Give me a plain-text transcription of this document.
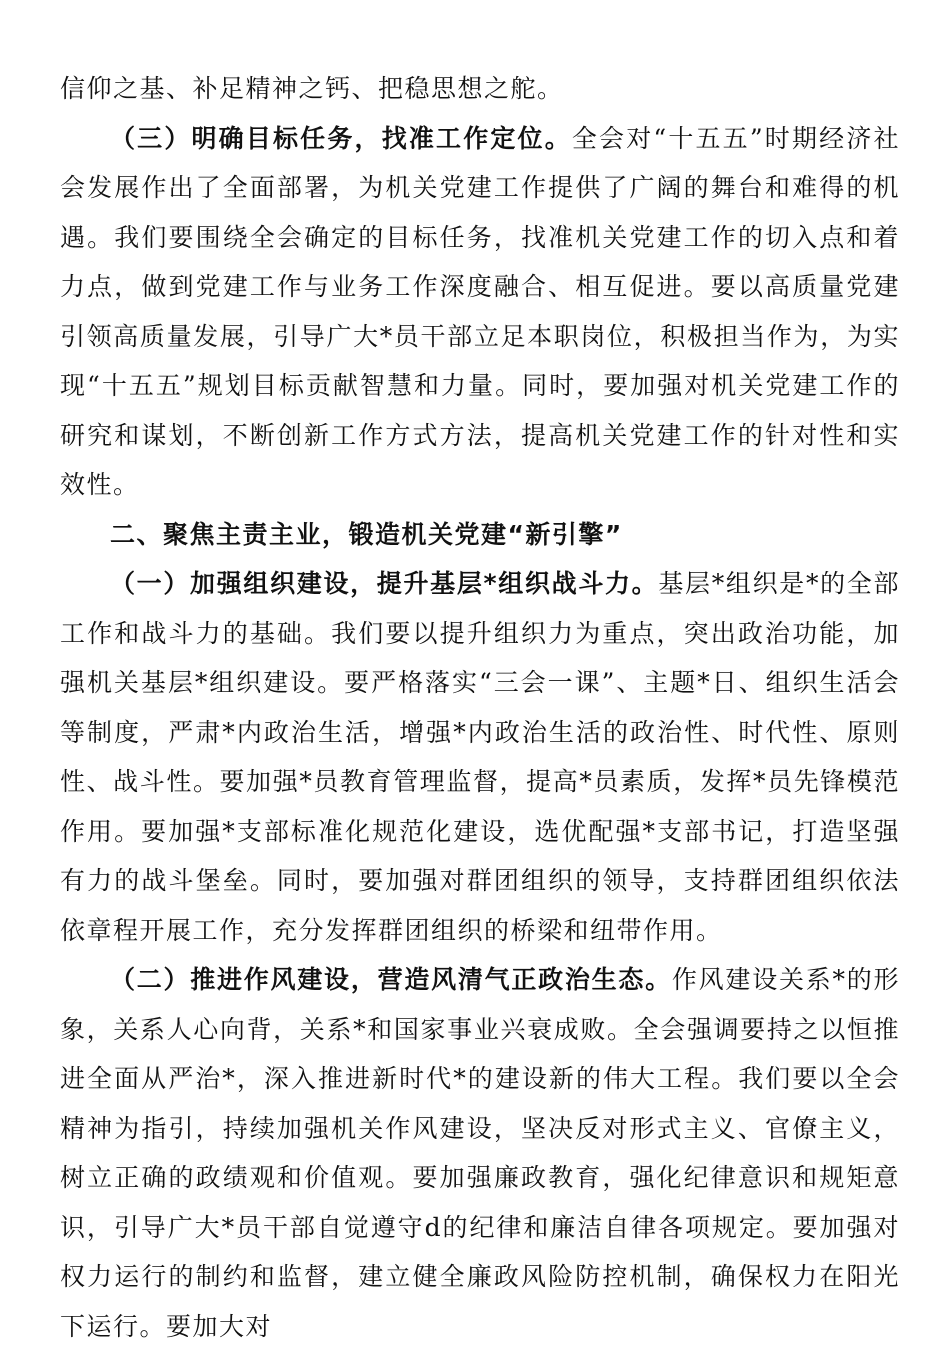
信仰之基、补足精神之钙、把稳思想之舵。

（三）明确目标任务，找准工作定位。全会对“十五五”时期经济社会发展作出了全面部署，为机关党建工作提供了广阔的舞台和难得的机遇。我们要围绕全会确定的目标任务，找准机关党建工作的切入点和着力点，做到党建工作与业务工作深度融合、相互促进。要以高质量党建引领高质量发展，引导广大*员干部立足本职岗位，积极担当作为，为实现“十五五”规划目标贡献智慧和力量。同时，要加强对机关党建工作的研究和谋划，不断创新工作方式方法，提高机关党建工作的针对性和实效性。

二、聚焦主责主业，锻造机关党建“新引擎”

（一）加强组织建设，提升基层*组织战斗力。基层*组织是*的全部工作和战斗力的基础。我们要以提升组织力为重点，突出政治功能，加强机关基层*组织建设。要严格落实“三会一课”、主题*日、组织生活会等制度，严肃*内政治生活，增强*内政治生活的政治性、时代性、原则性、战斗性。要加强*员教育管理监督，提高*员素质，发挥*员先锋模范作用。要加强*支部标准化规范化建设，选优配强*支部书记，打造坚强有力的战斗堡垒。同时，要加强对群团组织的领导，支持群团组织依法依章程开展工作，充分发挥群团组织的桥梁和纽带作用。

（二）推进作风建设，营造风清气正政治生态。作风建设关系*的形象，关系人心向背，关系*和国家事业兴衰成败。全会强调要持之以恒推进全面从严治*，深入推进新时代*的建设新的伟大工程。我们要以全会精神为指引，持续加强机关作风建设，坚决反对形式主义、官僚主义，树立正确的政绩观和价值观。要加强廉政教育，强化纪律意识和规矩意识，引导广大*员干部自觉遵守d的纪律和廉洁自律各项规定。要加强对权力运行的制约和监督，建立健全廉政风险防控机制，确保权力在阳光下运行。要加大对
